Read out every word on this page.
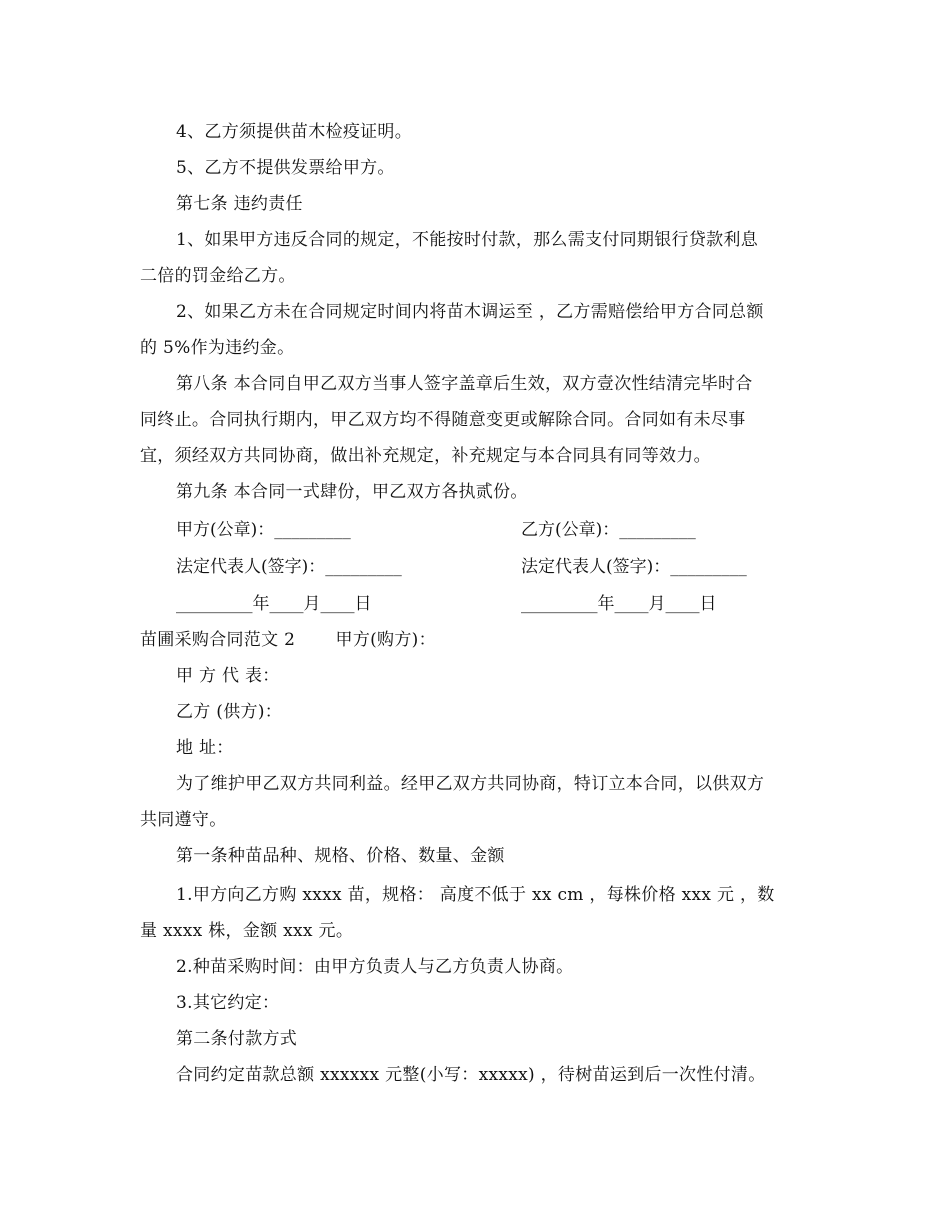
4、乙方须提供苗木检疫证明。

5、乙方不提供发票给甲方。

第七条 违约责任

1、如果甲方违反合同的规定，不能按时付款，那么需支付同期银行贷款利息

二倍的罚金给乙方。

2、如果乙方未在合同规定时间内将苗木调运至 ，乙方需赔偿给甲方合同总额

的 5%作为违约金。

第八条 本合同自甲乙双方当事人签字盖章后生效，双方壹次性结清完毕时合

同终止。合同执行期内，甲乙双方均不得随意变更或解除合同。合同如有未尽事

宜，须经双方共同协商，做出补充规定，补充规定与本合同具有同等效力。

第九条 本合同一式肆份，甲乙双方各执贰份。

甲方(公章)：_________	乙方(公章)：_________
法定代表人(签字)：_________	法定代表人(签字)：_________
_________年____月____日	_________年____月____日

苗圃采购合同范文 2　　 甲方(购方)：

甲 方 代 表：

乙方 (供方)：

地 址：

为了维护甲乙双方共同利益。经甲乙双方共同协商，特订立本合同，以供双方

共同遵守。

第一条种苗品种、规格、价格、数量、金额

1.甲方向乙方购 xxxx 苗，规格： 高度不低于 xx cm ，每株价格 xxx 元 ，数

量 xxxx 株，金额 xxx 元。

2.种苗采购时间：由甲方负责人与乙方负责人协商。

3.其它约定：

第二条付款方式

合同约定苗款总额 xxxxxx 元整(小写：xxxxx) ，待树苗运到后一次性付清。
